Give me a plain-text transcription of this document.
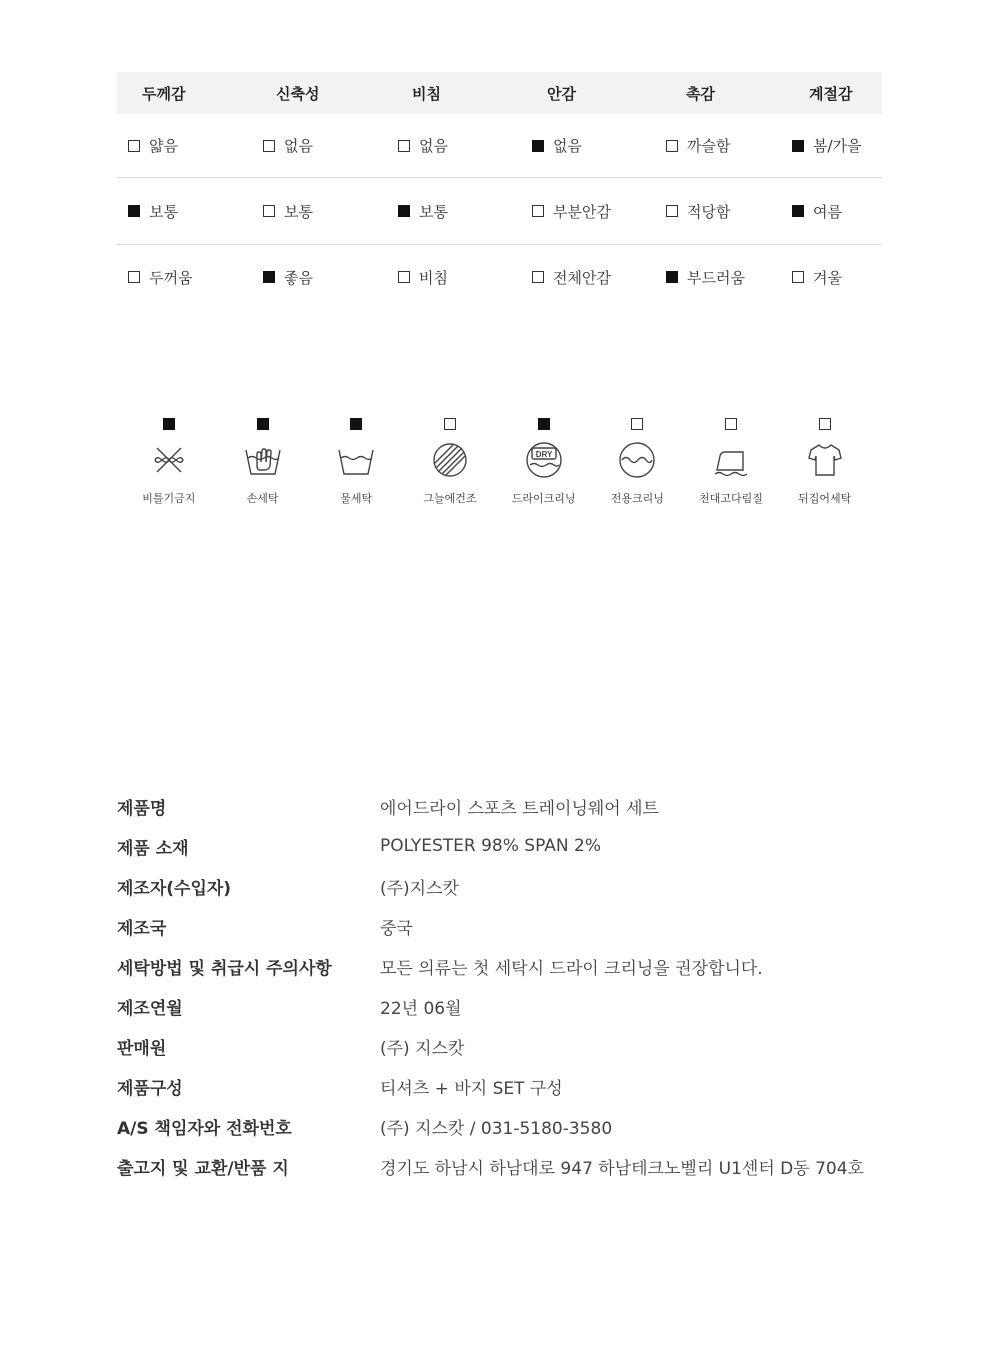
두께감	신축성	비침	안감	촉감	계절감
얇음	없음	없음	없음	까슬함	봄/가을
보통	보통	보통	부분안감	적당함	여름
두꺼움	좋음	비침	전체안감	부드러움	겨울
비틀기금지	손세탁	물세탁	그늘에건조
DRY
드라이크리닝	전용크리닝	천대고다림질	뒤집어세탁
제품명	에어드라이 스포츠 트레이닝웨어 세트
제품 소재	POLYESTER 98% SPAN 2%
제조자(수입자)	(주)지스캇
제조국	중국
세탁방법 및 취급시 주의사항	모든 의류는 첫 세탁시 드라이 크리닝을 권장합니다.
제조연월	22년 06월
판매원	(주) 지스캇
제품구성	티셔츠 + 바지 SET 구성
A/S 책임자와 전화번호	(주) 지스캇 / 031-5180-3580
출고지 및 교환/반품 지	경기도 하남시 하남대로 947 하남테크노벨리 U1센터 D동 704호
